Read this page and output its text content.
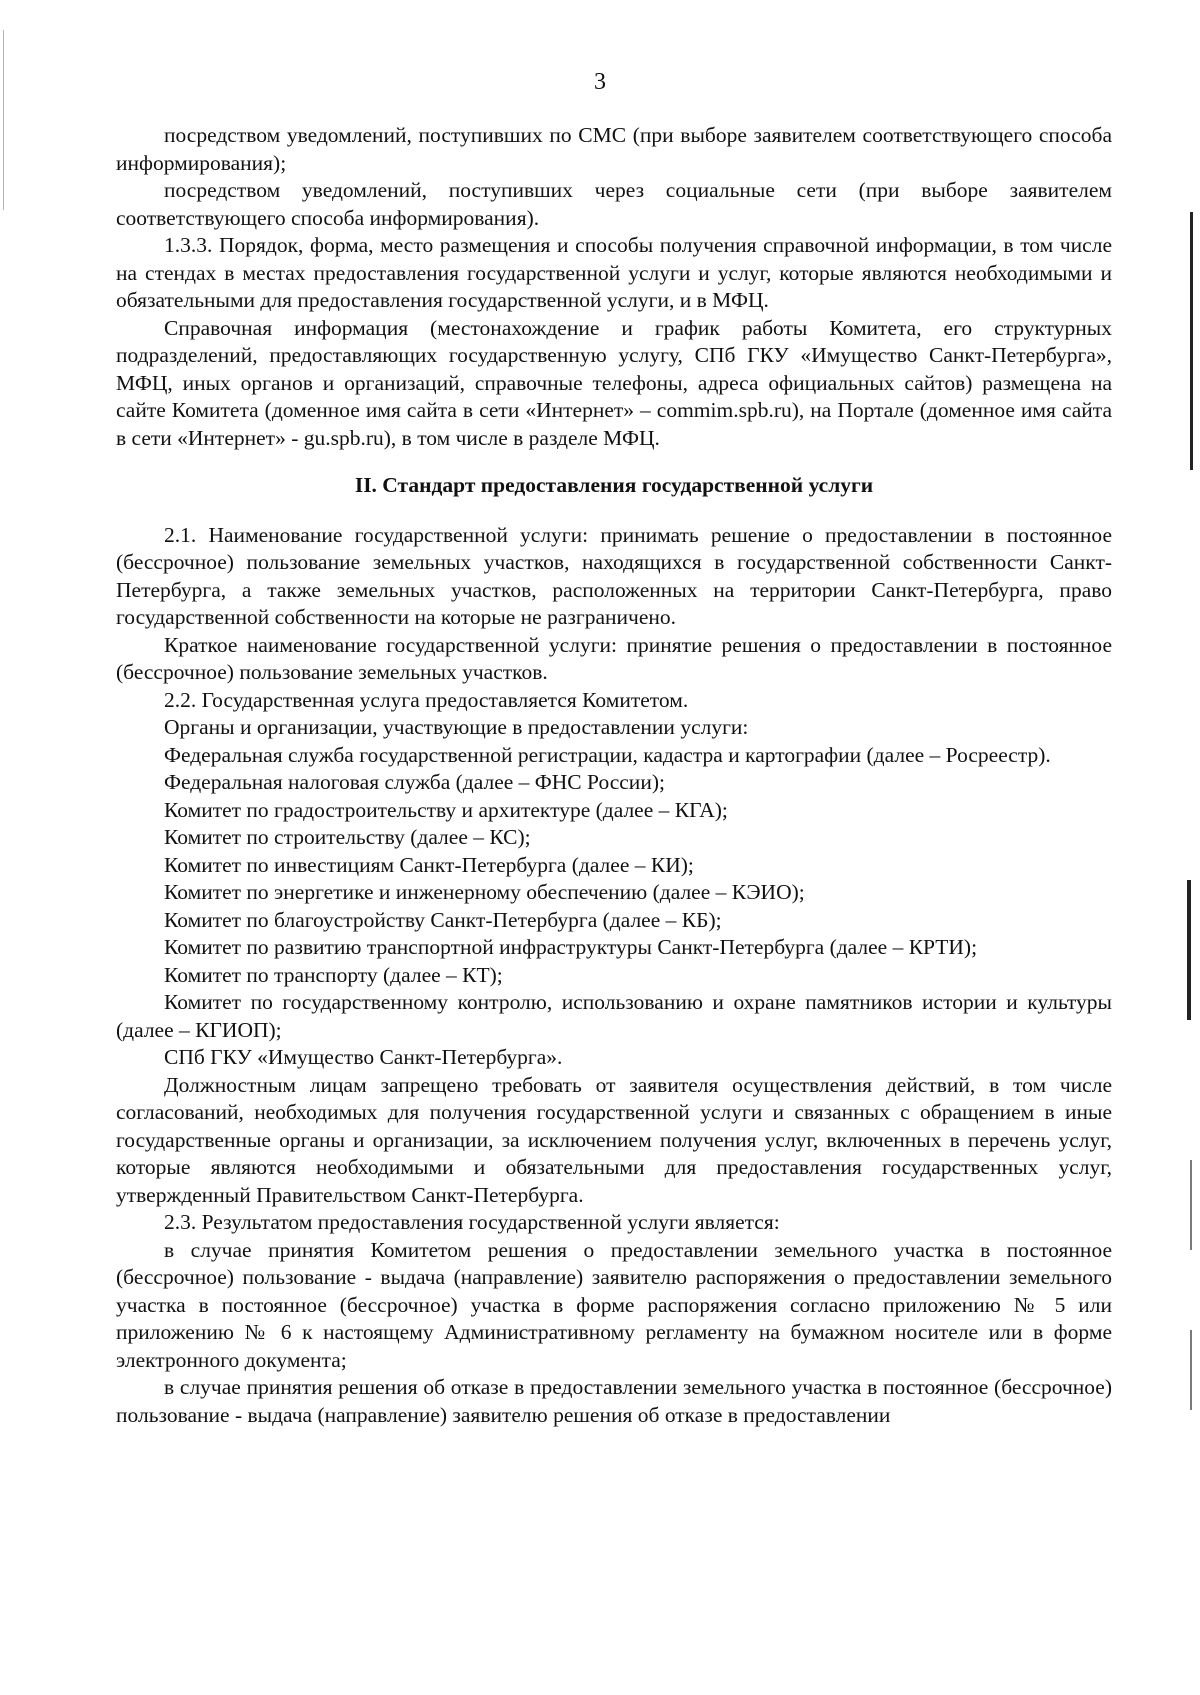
3

посредством уведомлений, поступивших по СМС (при выборе заявителем соответствующего способа информирования);

посредством уведомлений, поступивших через социальные сети (при выборе заявителем соответствующего способа информирования).

1.3.3. Порядок, форма, место размещения и способы получения справочной информации, в том числе на стендах в местах предоставления государственной услуги и услуг, которые являются необходимыми и обязательными для предоставления государственной услуги, и в МФЦ.

Справочная информация (местонахождение и график работы Комитета, его структурных подразделений, предоставляющих государственную услугу, СПб ГКУ «Имущество Санкт-Петербурга», МФЦ, иных органов и организаций, справочные телефоны, адреса официальных сайтов) размещена на сайте Комитета (доменное имя сайта в сети «Интернет» – commim.spb.ru), на Портале (доменное имя сайта в сети «Интернет» - gu.spb.ru), в том числе в разделе МФЦ.

II. Стандарт предоставления государственной услуги

2.1. Наименование государственной услуги: принимать решение о предоставлении в постоянное (бессрочное) пользование земельных участков, находящихся в государственной собственности Санкт-Петербурга, а также земельных участков, расположенных на территории Санкт-Петербурга, право государственной собственности на которые не разграничено.

Краткое наименование государственной услуги: принятие решения о предоставлении в постоянное (бессрочное) пользование земельных участков.

2.2. Государственная услуга предоставляется Комитетом.

Органы и организации, участвующие в предоставлении услуги:

Федеральная служба государственной регистрации, кадастра и картографии (далее – Росреестр).

Федеральная налоговая служба (далее – ФНС России);

Комитет по градостроительству и архитектуре (далее – КГА);

Комитет по строительству (далее – КС);

Комитет по инвестициям Санкт-Петербурга (далее – КИ);

Комитет по энергетике и инженерному обеспечению (далее – КЭИО);

Комитет по благоустройству Санкт-Петербурга (далее – КБ);

Комитет по развитию транспортной инфраструктуры Санкт-Петербурга (далее – КРТИ);

Комитет по транспорту (далее – КТ);

Комитет по государственному контролю, использованию и охране памятников истории и культуры (далее – КГИОП);

СПб ГКУ «Имущество Санкт-Петербурга».

Должностным лицам запрещено требовать от заявителя осуществления действий, в том числе согласований, необходимых для получения государственной услуги и связанных с обращением в иные государственные органы и организации, за исключением получения услуг, включенных в перечень услуг, которые являются необходимыми и обязательными для предоставления государственных услуг, утвержденный Правительством Санкт-Петербурга.

2.3. Результатом предоставления государственной услуги является:

в случае принятия Комитетом решения о предоставлении земельного участка в постоянное (бессрочное) пользование - выдача (направление) заявителю распоряжения о предоставлении земельного участка в постоянное (бессрочное) участка в форме распоряжения согласно приложению № 5 или приложению № 6 к настоящему Административному регламенту на бумажном носителе или в форме электронного документа;

в случае принятия решения об отказе в предоставлении земельного участка в постоянное (бессрочное) пользование - выдача (направление) заявителю решения об отказе в предоставлении
